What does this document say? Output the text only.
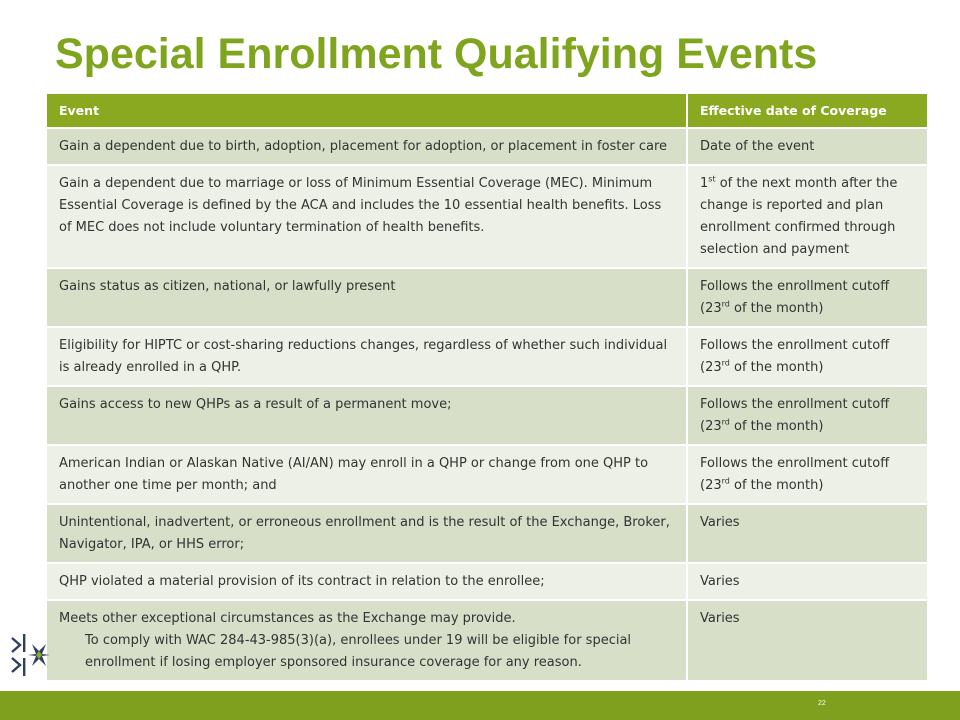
Special Enrollment Qualifying Events
Event	Effective date of Coverage
Gain a dependent due to birth, adoption, placement for adoption, or placement in foster care	Date of the event
Gain a dependent due to marriage or loss of Minimum Essential Coverage (MEC). Minimum Essential Coverage is defined by the ACA and includes the 10 essential health benefits. Loss of MEC does not include voluntary termination of health benefits.	1st of the next month after the change is reported and plan enrollment confirmed through selection and payment
Gains status as citizen, national, or lawfully present	Follows the enrollment cutoff (23rd of the month)
Eligibility for HIPTC or cost-sharing reductions changes, regardless of whether such individual is already enrolled in a QHP.	Follows the enrollment cutoff (23rd of the month)
Gains access to new QHPs as a result of a permanent move;	Follows the enrollment cutoff (23rd of the month)
American Indian or Alaskan Native (AI/AN) may enroll in a QHP or change from one QHP to another one time per month; and	Follows the enrollment cutoff (23rd of the month)
Unintentional, inadvertent, or erroneous enrollment and is the result of the Exchange, Broker, Navigator, IPA, or HHS error;	Varies
QHP violated a material provision of its contract in relation to the enrollee;	Varies
Meets other exceptional circumstances as the Exchange may provide.
To comply with WAC 284-43-985(3)(a), enrollees under 19 will be eligible for special enrollment if losing employer sponsored insurance coverage for any reason.	Varies
22
